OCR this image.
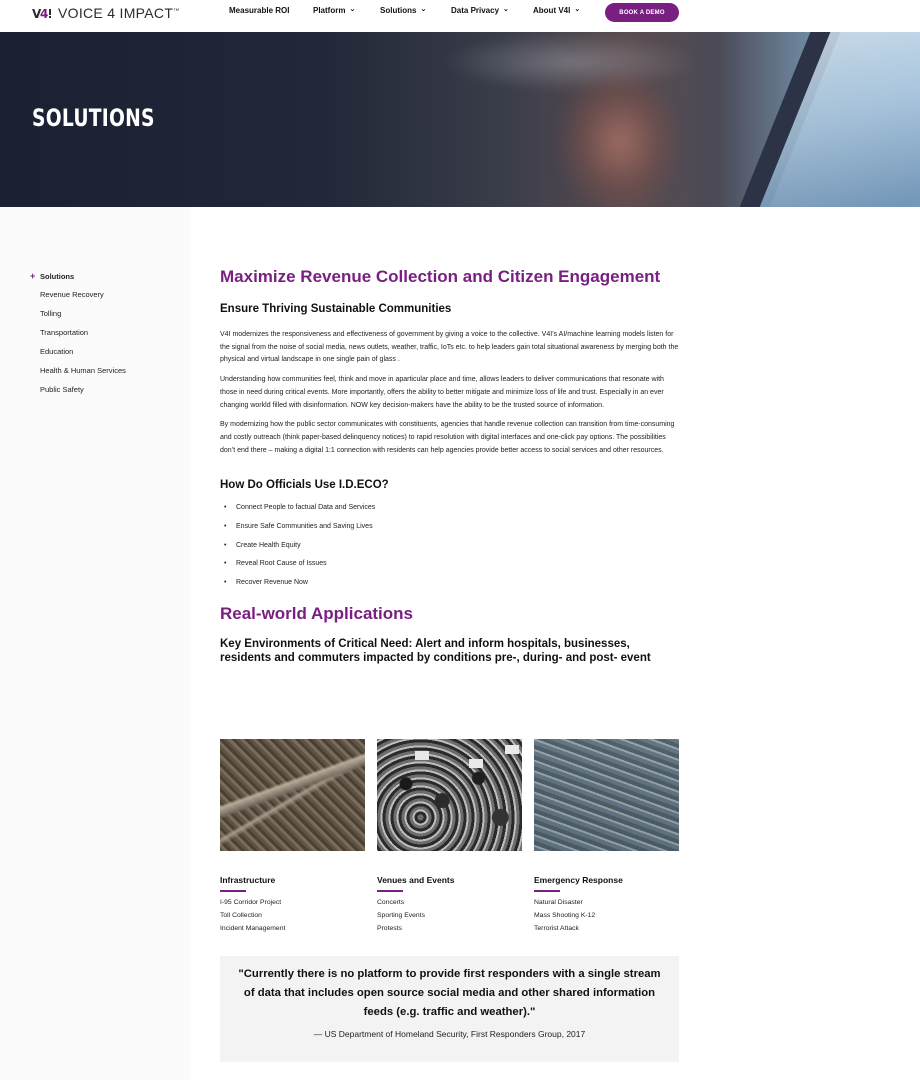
V
4 VOICE 4 IMPACT™	Measurable ROI	Platform ⌄	Solutions ⌄	Data Privacy ⌄	About V4I ⌄	BOOK A DEMO
SOLUTIONS
+ Solutions
Revenue Recovery
Tolling
Transportation
Education
Health & Human Services
Public Safety
Maximize Revenue Collection and Citizen Engagement
Ensure Thriving Sustainable Communities

V4I modernizes the responsiveness and effectiveness of government by giving a voice to the collective. V4I’s AI/machine learning models listen for the signal from the noise of social media, news outlets, weather, traffic, IoTs etc. to help leaders gain total situational awareness by merging both the physical and virtual landscape in one single pain of glass .

Understanding how communities feel, think and move in aparticular place and time, allows leaders to deliver communications that resonate with those in need during critical events. More importantly, offers the ability to better mitigate and minimize loss of life and trust. Especially in an ever changing workld filled with disinformation. NOW key decision-makers have the ability to be the trusted source of information.

By modernizing how the public sector communicates with constituents, agencies that handle revenue collection can transition from time-consuming and costly outreach (think paper-based delinquency notices) to rapid resolution with digital interfaces and one-click pay options. The possibilities don’t end there – making a digital 1:1 connection with residents can help agencies provide better access to social services and other resources.

How Do Officials Use I.D.ECO?
• Connect People to factual Data and Services
• Ensure Safe Communities and Saving Lives
• Create Health Equity
• Reveal Root Cause of Issues
• Recover Revenue Now
Real-world Applications
Key Environments of Critical Need: Alert and inform hospitals, businesses, residents and commuters impacted by conditions pre-, during- and post- event
Infrastructure
I-95 Corridor Project
Toll Collection
Incident Management
Venues and Events
Concerts
Sporting Events
Protests
Emergency Response
Natural Disaster
Mass Shooting K-12
Terrorist Attack
"Currently there is no platform to provide first responders with a single stream of data that includes open source social media and other shared information feeds (e.g. traffic and weather)."
— US Department of Homeland Security, First Responders Group, 2017
